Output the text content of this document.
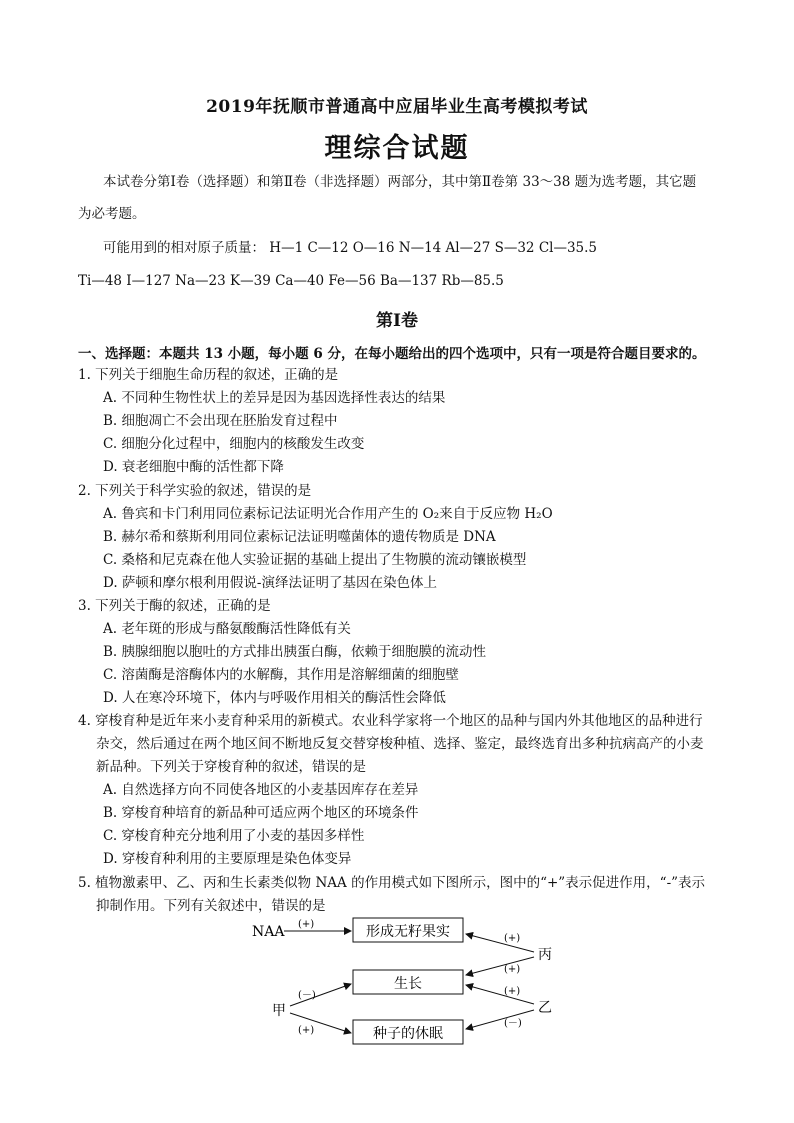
2019年抚顺市普通高中应届毕业生高考模拟考试
理综合试题
本试卷分第Ⅰ卷（选择题）和第Ⅱ卷（非选择题）两部分，其中第Ⅱ卷第 33～38 题为选考题，其它题
为必考题。
可能用到的相对原子质量： H—1 C—12 O—16 N—14 Al—27 S—32 Cl—35.5
Ti—48 I—127 Na—23 K—39 Ca—40 Fe—56 Ba—137 Rb—85.5
第Ⅰ卷
一、选择题：本题共 13 小题，每小题 6 分，在每小题给出的四个选项中，只有一项是符合题目要求的。
1. 下列关于细胞生命历程的叙述，正确的是
A. 不同种生物性状上的差异是因为基因选择性表达的结果
B. 细胞凋亡不会出现在胚胎发育过程中
C. 细胞分化过程中，细胞内的核酸发生改变
D. 衰老细胞中酶的活性都下降
2. 下列关于科学实验的叙述，错误的是
A. 鲁宾和卡门利用同位素标记法证明光合作用产生的 O₂来自于反应物 H₂O
B. 赫尔希和蔡斯利用同位素标记法证明噬菌体的遗传物质是 DNA
C. 桑格和尼克森在他人实验证据的基础上提出了生物膜的流动镶嵌模型
D. 萨顿和摩尔根利用假说-演绎法证明了基因在染色体上
3. 下列关于酶的叙述，正确的是
A. 老年斑的形成与酪氨酸酶活性降低有关
B. 胰腺细胞以胞吐的方式排出胰蛋白酶，依赖于细胞膜的流动性
C. 溶菌酶是溶酶体内的水解酶，其作用是溶解细菌的细胞壁
D. 人在寒冷环境下，体内与呼吸作用相关的酶活性会降低
4. 穿梭育种是近年来小麦育种采用的新模式。农业科学家将一个地区的品种与国内外其他地区的品种进行
杂交，然后通过在两个地区间不断地反复交替穿梭种植、选择、鉴定，最终选育出多种抗病高产的小麦
新品种。下列关于穿梭育种的叙述，错误的是
A. 自然选择方向不同使各地区的小麦基因库存在差异
B. 穿梭育种培育的新品种可适应两个地区的环境条件
C. 穿梭育种充分地利用了小麦的基因多样性
D. 穿梭育种利用的主要原理是染色体变异
5. 植物激素甲、乙、丙和生长素类似物 NAA 的作用模式如下图所示，图中的“+”表示促进作用，“-”表示
抑制作用。下列有关叙述中，错误的是
形成无籽果实
生长
种子的休眠
NAA (+)
丙
(+)
(+)
乙
(+)
(－)
甲
(－)
(+)
